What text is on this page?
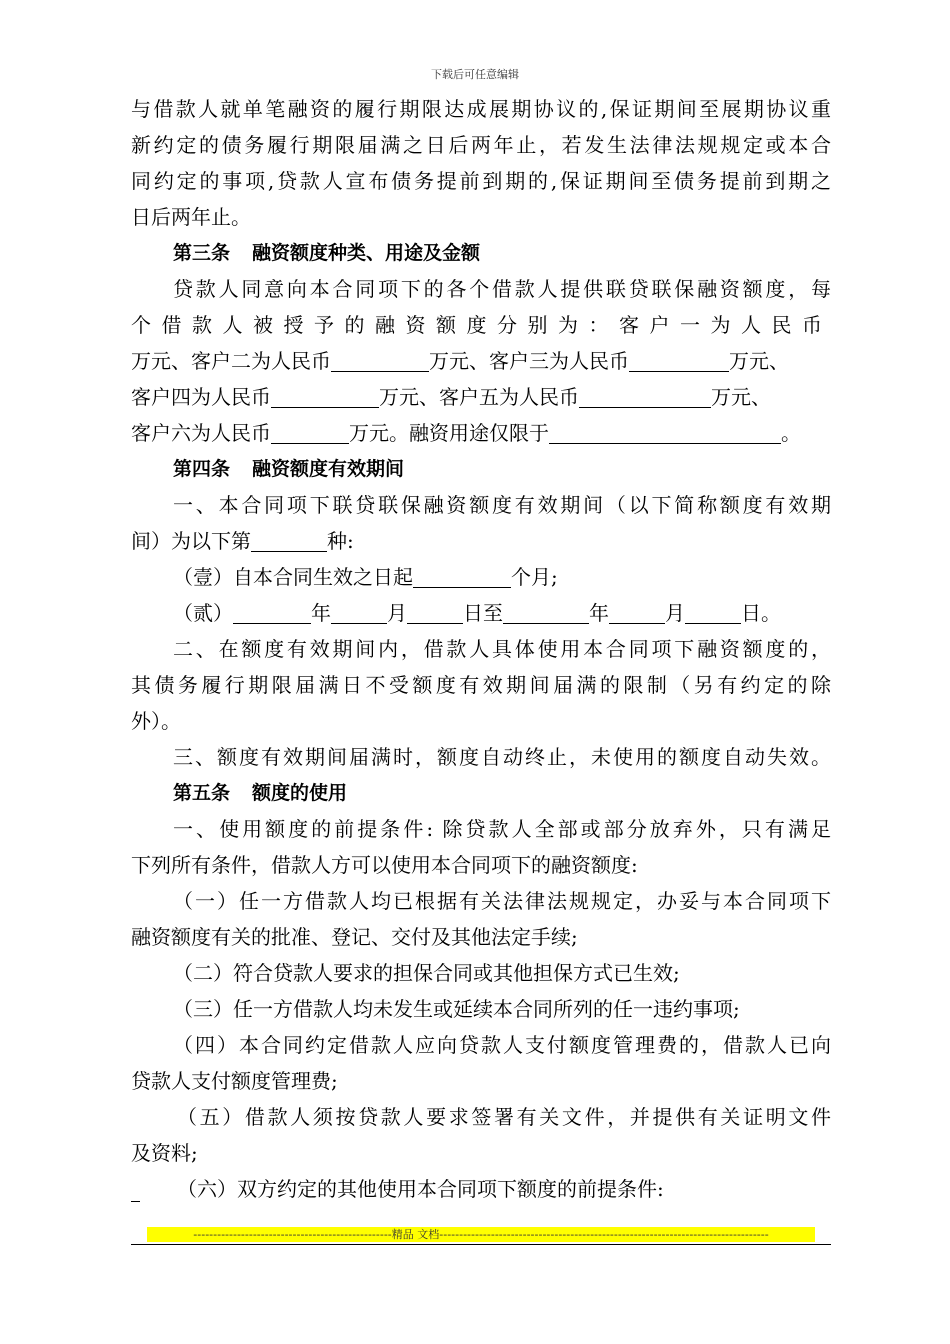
下载后可任意编辑
与借款人就单笔融资的履行期限达成展期协议的,保证期间至展期协议重
新约定的债务履行期限届满之日后两年止，若发生法律法规规定或本合
同约定的事项,贷款人宣布债务提前到期的,保证期间至债务提前到期之
日后两年止。
第三条 融资额度种类、用途及金额
贷款人同意向本合同项下的各个借款人提供联贷联保融资额度，每
个借款人被授予的融资额度分别为：客户一为人民币
万元、客户二为人民币	万元、客户三为人民币	万元、
客户四为人民币	万元、客户五为人民币	万元、
客户六为人民币	万元。融资用途仅限于	。
第四条 融资额度有效期间
一、本合同项下联贷联保融资额度有效期间（以下简称额度有效期
间）为以下第	种:
（壹）自本合同生效之日起	个月;
（贰）	年	月	日至	年	月	日。
二、在额度有效期间内，借款人具体使用本合同项下融资额度的，
其债务履行期限届满日不受额度有效期间届满的限制（另有约定的除
外）。
三、额度有效期间届满时，额度自动终止，未使用的额度自动失效。
第五条 额度的使用
一、使用额度的前提条件: 除贷款人全部或部分放弃外，只有满足
下列所有条件，借款人方可以使用本合同项下的融资额度:
（一）任一方借款人均已根据有关法律法规规定，办妥与本合同项下
融资额度有关的批准、登记、交付及其他法定手续;
（二）符合贷款人要求的担保合同或其他担保方式已生效;
（三）任一方借款人均未发生或延续本合同所列的任一违约事项;
（四）本合同约定借款人应向贷款人支付额度管理费的，借款人已向
贷款人支付额度管理费;
（五）借款人须按贷款人要求签署有关文件，并提供有关证明文件
及资料;
（六）双方约定的其他使用本合同项下额度的前提条件:
--------------------------------------------------精品 文档-----------------------------------------------------------------------------------
